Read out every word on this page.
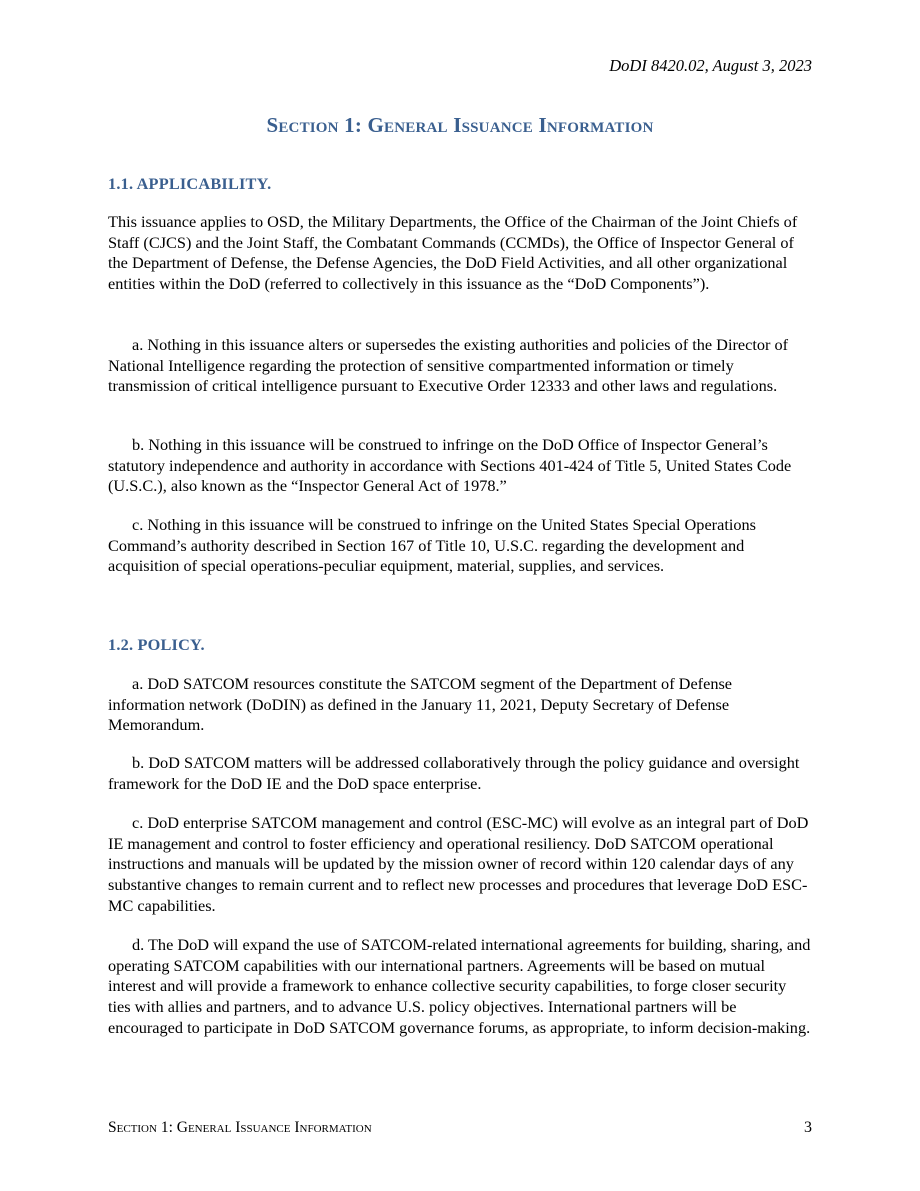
DoDI 8420.02, August 3, 2023
Section 1: General Issuance Information
1.1. APPLICABILITY.

This issuance applies to OSD, the Military Departments, the Office of the Chairman of the Joint Chiefs of Staff (CJCS) and the Joint Staff, the Combatant Commands (CCMDs), the Office of Inspector General of the Department of Defense, the Defense Agencies, the DoD Field Activities, and all other organizational entities within the DoD (referred to collectively in this issuance as the “DoD Components”).

a. Nothing in this issuance alters or supersedes the existing authorities and policies of the Director of National Intelligence regarding the protection of sensitive compartmented information or timely transmission of critical intelligence pursuant to Executive Order 12333 and other laws and regulations.

b. Nothing in this issuance will be construed to infringe on the DoD Office of Inspector General’s statutory independence and authority in accordance with Sections 401-424 of Title 5, United States Code (U.S.C.), also known as the “Inspector General Act of 1978.”

c. Nothing in this issuance will be construed to infringe on the United States Special Operations Command’s authority described in Section 167 of Title 10, U.S.C. regarding the development and acquisition of special operations-peculiar equipment, material, supplies, and services.

1.2. POLICY.

a. DoD SATCOM resources constitute the SATCOM segment of the Department of Defense information network (DoDIN) as defined in the January 11, 2021, Deputy Secretary of Defense Memorandum.

b. DoD SATCOM matters will be addressed collaboratively through the policy guidance and oversight framework for the DoD IE and the DoD space enterprise.

c. DoD enterprise SATCOM management and control (ESC-MC) will evolve as an integral part of DoD IE management and control to foster efficiency and operational resiliency. DoD SATCOM operational instructions and manuals will be updated by the mission owner of record within 120 calendar days of any substantive changes to remain current and to reflect new processes and procedures that leverage DoD ESC-MC capabilities.

d. The DoD will expand the use of SATCOM-related international agreements for building, sharing, and operating SATCOM capabilities with our international partners. Agreements will be based on mutual interest and will provide a framework to enhance collective security capabilities, to forge closer security ties with allies and partners, and to advance U.S. policy objectives. International partners will be encouraged to participate in DoD SATCOM governance forums, as appropriate, to inform decision-making.

Section 1: General Issuance Information	3
